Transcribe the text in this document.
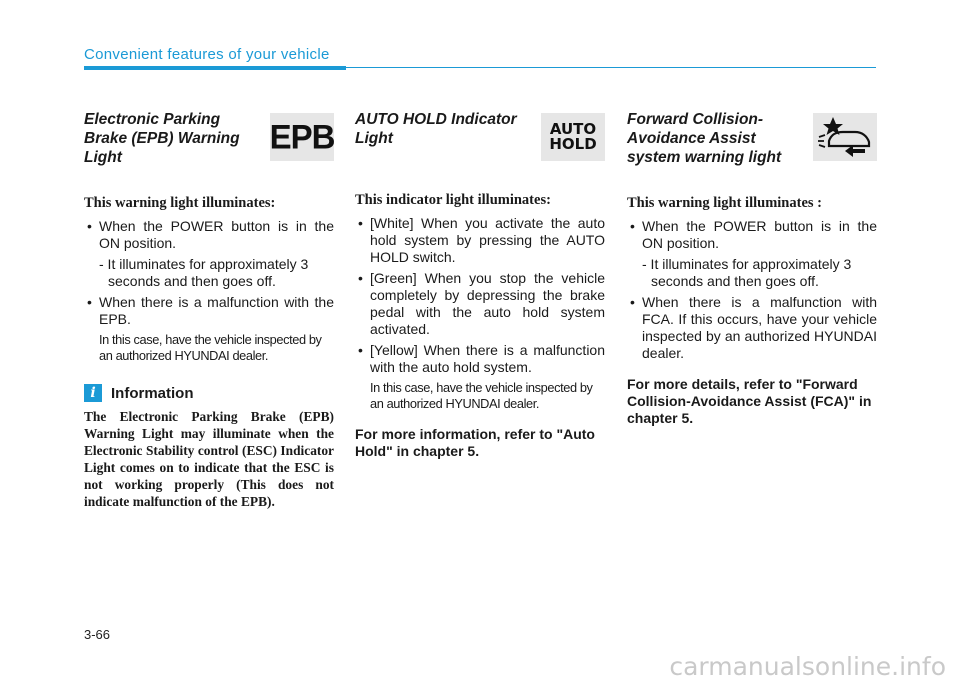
Convenient features of your vehicle
Electronic Parking Brake (EPB) Warning Light
EPB
This warning light illuminates:
• When the POWER button is in the ON position.
- It illuminates for approximately 3 seconds and then goes off.
• When there is a malfunction with the EPB.
In this case, have the vehicle inspected by an authorized HYUNDAI dealer.
i	Information
The Electronic Parking Brake (EPB) Warning Light may illuminate when the Electronic Stability control (ESC) Indicator Light comes on to indicate that the ESC is not working properly (This does not indicate malfunction of the EPB).
AUTO HOLD Indicator Light
AUTO
HOLD
This indicator light illuminates:
• [White] When you activate the auto hold system by pressing the AUTO HOLD switch.
• [Green] When you stop the vehicle completely by depressing the brake pedal with the auto hold system activated.
• [Yellow] When there is a malfunction with the auto hold system.
In this case, have the vehicle inspected by an authorized HYUNDAI dealer.
For more information, refer to "Auto Hold" in chapter 5.
Forward Collision-Avoidance Assist system warning light
This warning light illuminates :
• When the POWER button is in the ON position.
- It illuminates for approximately 3 seconds and then goes off.
• When there is a malfunction with FCA. If this occurs, have your vehicle inspected by an authorized HYUNDAI dealer.
For more details, refer to "Forward Collision-Avoidance Assist (FCA)" in chapter 5.
3-66
carmanualsonline.info
